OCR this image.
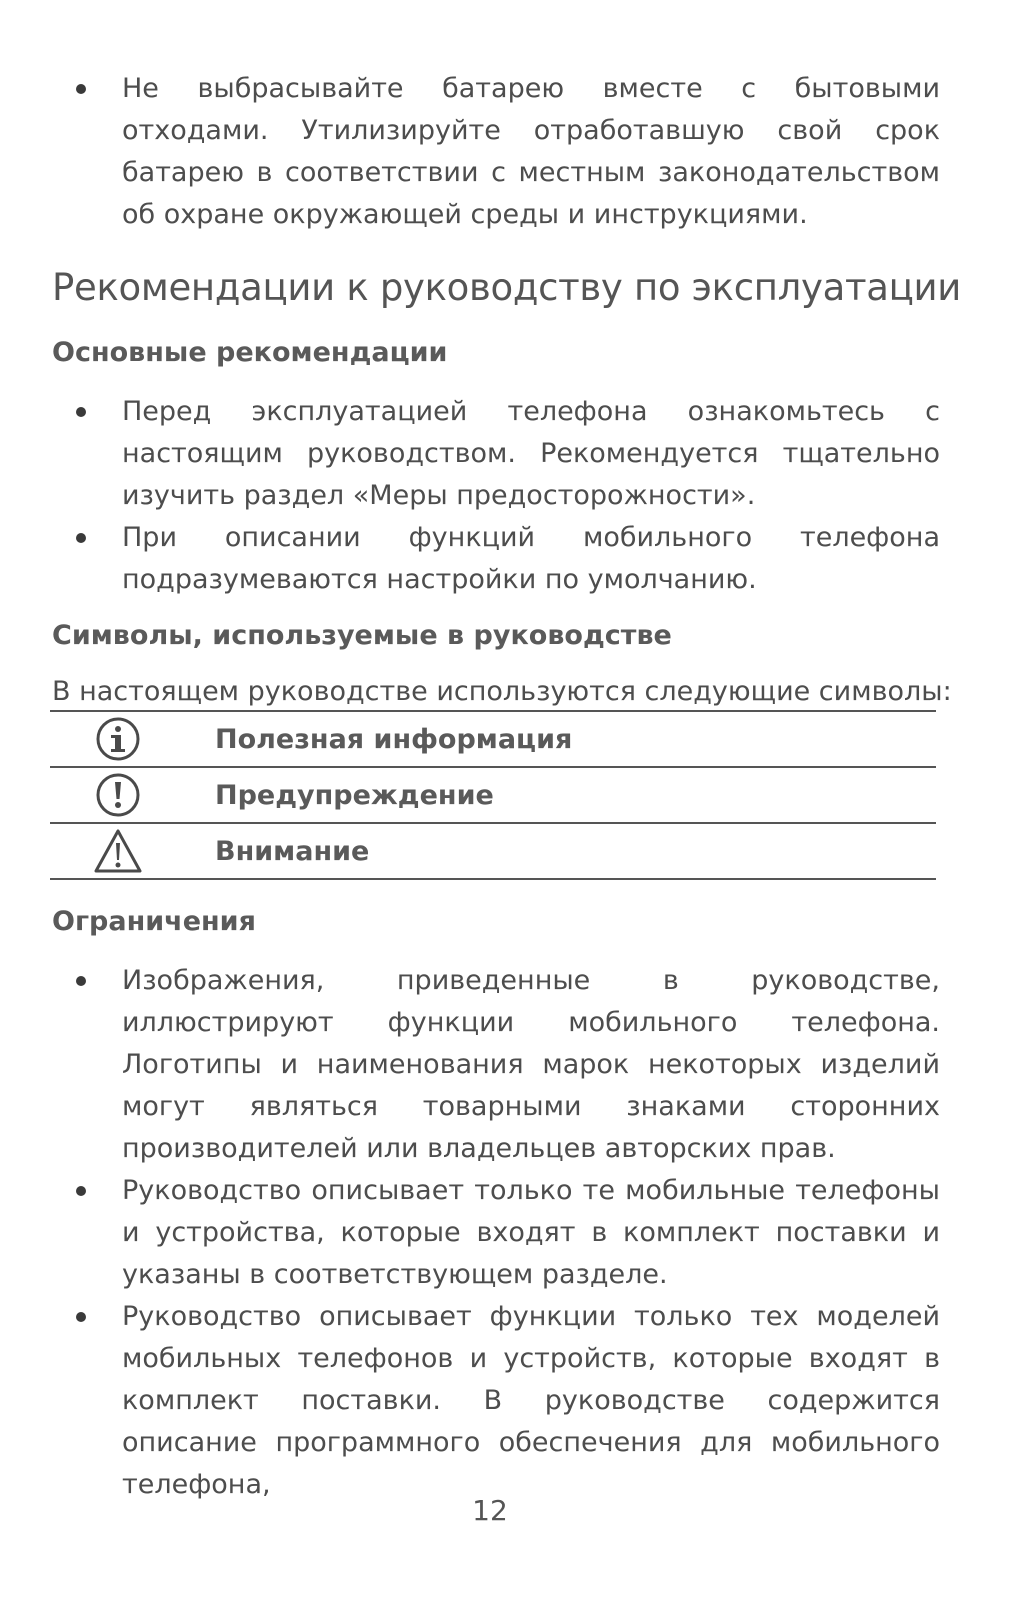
Не выбрасывайте батарею вместе с бытовыми отходами. Утилизируйте отработавшую свой срок батарею в соответствии с местным законодательством об охране окружающей среды и инструкциями.
Рекомендации к руководству по эксплуатации
Основные рекомендации
Перед эксплуатацией телефона ознакомьтесь с настоящим руководством. Рекомендуется тщательно изучить раздел «Меры предосторожности».
При описании функций мобильного телефона подразумеваются настройки по умолчанию.
Символы, используемые в руководстве

В настоящем руководстве используются следующие символы:

	Полезная информация

	Предупреждение

	Внимание
Ограничения
Изображения, приведенные в руководстве, иллюстрируют функции мобильного телефона. Логотипы и наименования марок некоторых изделий могут являться товарными знаками сторонних производителей или владельцев авторских прав.
Руководство описывает только те мобильные телефоны и устройства, которые входят в комплект поставки и указаны в соответствующем разделе.
Руководство описывает функции только тех моделей мобильных телефонов и устройств, которые входят в комплект поставки. В руководстве содержится описание программного обеспечения для мобильного телефона,
12
